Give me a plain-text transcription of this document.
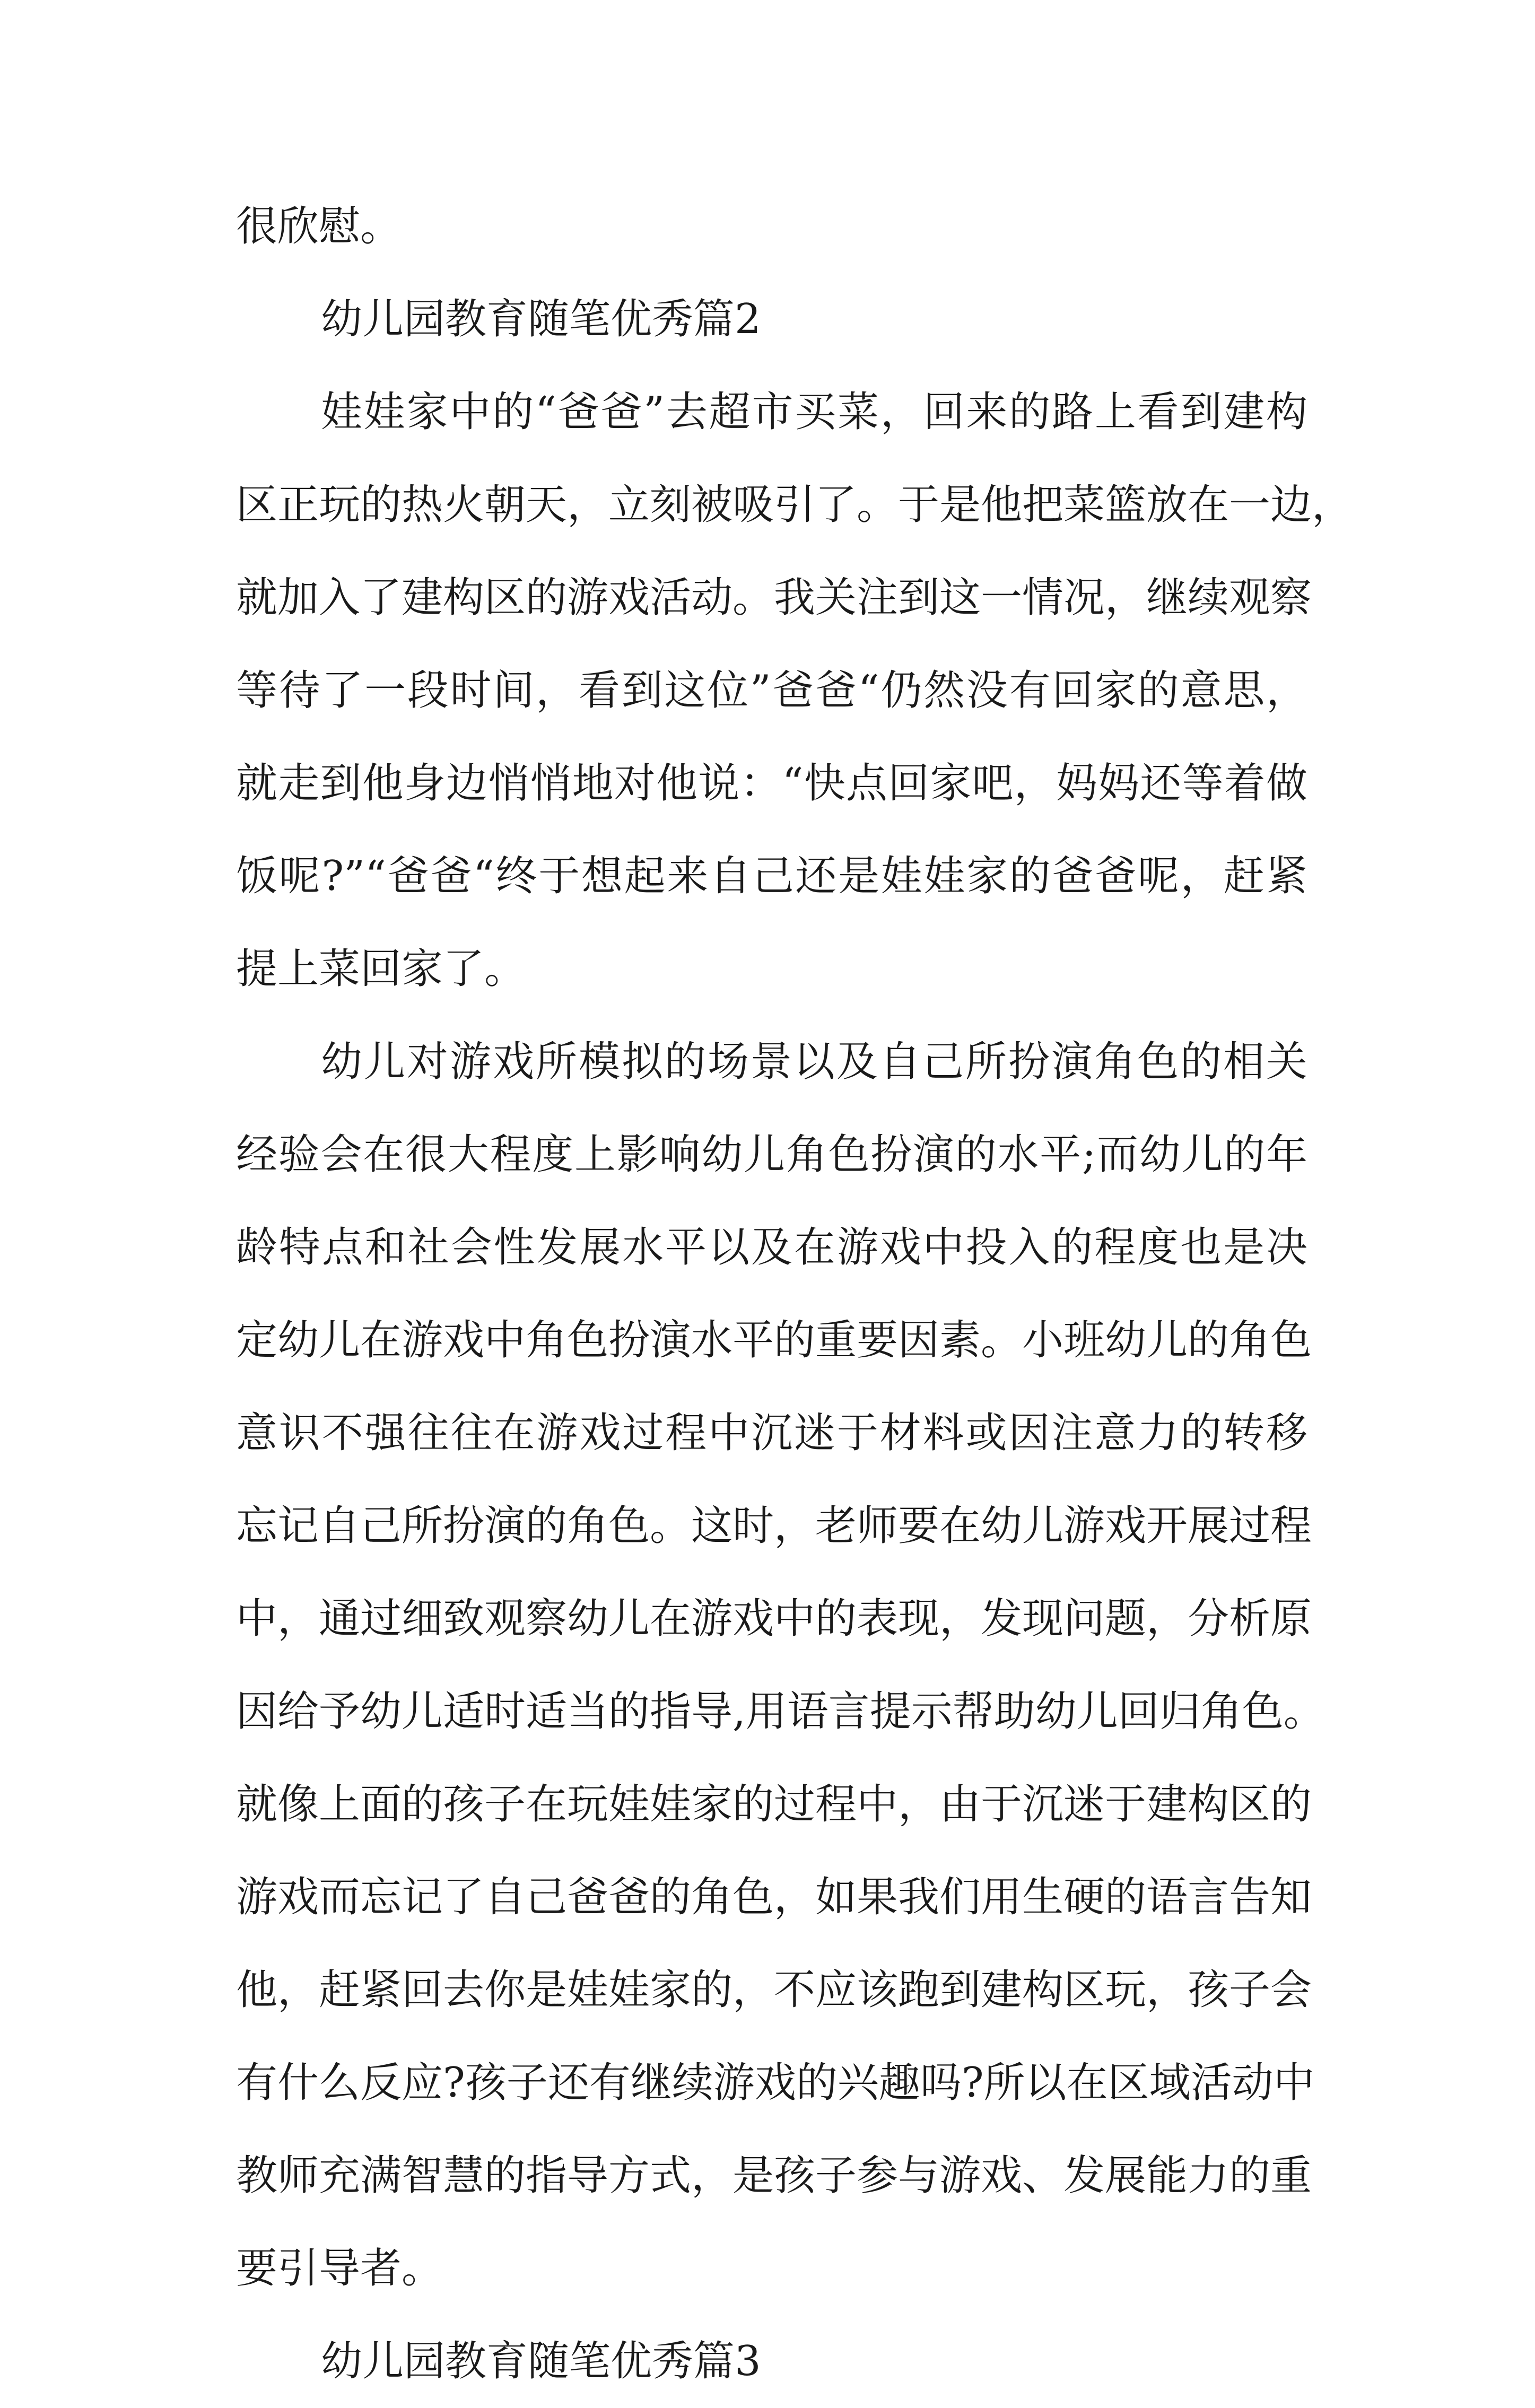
很欣慰。
幼儿园教育随笔优秀篇2
娃娃家中的“爸爸”去超市买菜，回来的路上看到建构
区正玩的热火朝天，立刻被吸引了。于是他把菜篮放在一边，
就加入了建构区的游戏活动。我关注到这一情况，继续观察
等待了一段时间，看到这位”爸爸“仍然没有回家的意思，
就走到他身边悄悄地对他说：“快点回家吧，妈妈还等着做
饭呢?”“爸爸“终于想起来自己还是娃娃家的爸爸呢，赶紧
提上菜回家了。
幼儿对游戏所模拟的场景以及自己所扮演角色的相关
经验会在很大程度上影响幼儿角色扮演的水平;而幼儿的年
龄特点和社会性发展水平以及在游戏中投入的程度也是决
定幼儿在游戏中角色扮演水平的重要因素。小班幼儿的角色
意识不强往往在游戏过程中沉迷于材料或因注意力的转移
忘记自己所扮演的角色。这时，老师要在幼儿游戏开展过程
中，通过细致观察幼儿在游戏中的表现，发现问题，分析原
因给予幼儿适时适当的指导,用语言提示帮助幼儿回归角色。
就像上面的孩子在玩娃娃家的过程中，由于沉迷于建构区的
游戏而忘记了自己爸爸的角色，如果我们用生硬的语言告知
他，赶紧回去你是娃娃家的，不应该跑到建构区玩，孩子会
有什么反应?孩子还有继续游戏的兴趣吗?所以在区域活动中
教师充满智慧的指导方式，是孩子参与游戏、发展能力的重
要引导者。
幼儿园教育随笔优秀篇3
